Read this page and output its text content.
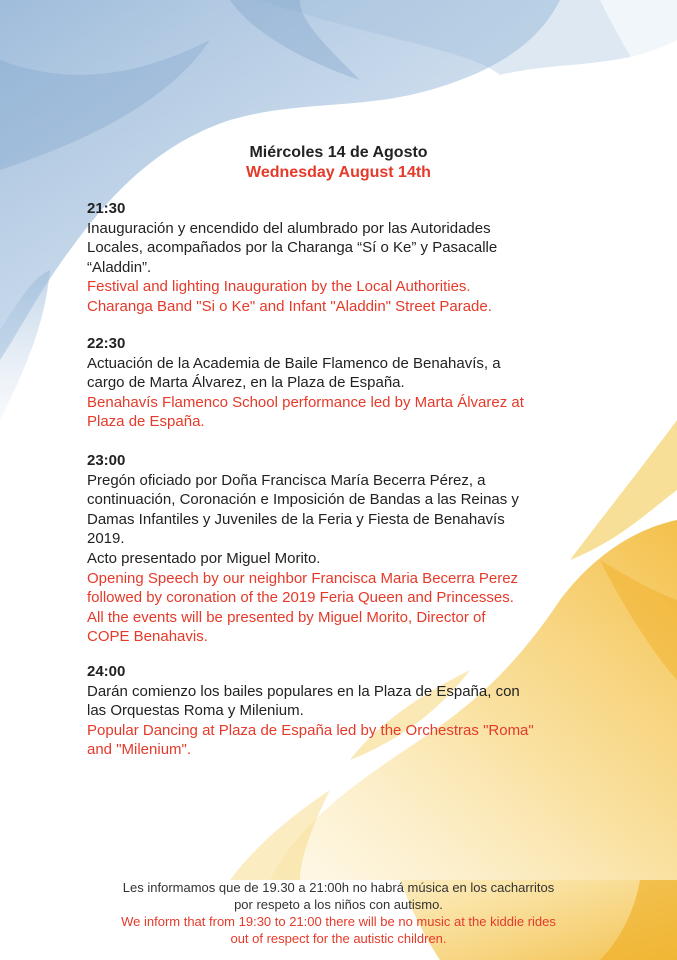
Miércoles 14 de Agosto
Wednesday August 14th

21:30

Inauguración y encendido del alumbrado por las Autoridades

Locales, acompañados por la Charanga “Sí o Ke” y Pasacalle

“Aladdin”.

Festival and lighting Inauguration by the Local Authorities.

Charanga Band "Si o Ke" and Infant "Aladdin" Street Parade.

22:30

Actuación de la Academia de Baile Flamenco de Benahavís, a

cargo de Marta Álvarez, en la Plaza de España.

Benahavís Flamenco School performance led by Marta Álvarez at

Plaza de España.

23:00

Pregón oficiado por Doña Francisca María Becerra Pérez, a

continuación, Coronación e Imposición de Bandas a las Reinas y

Damas Infantiles y Juveniles de la Feria y Fiesta de Benahavís

2019.

Acto presentado por Miguel Morito.

Opening Speech by our neighbor Francisca Maria Becerra Perez

followed by coronation of the 2019 Feria Queen and Princesses.

All the events will be presented by Miguel Morito, Director of

COPE Benahavis.

24:00

Darán comienzo los bailes populares en la Plaza de España, con

las Orquestas Roma y Milenium.

Popular Dancing at Plaza de España led by the Orchestras "Roma"

and "Milenium".

Les informamos que de 19.30 a 21:00h no habrá música en los cacharritos

por respeto a los niños con autismo.

We inform that from 19:30 to 21:00 there will be no music at the kiddie rides

out of respect for the autistic children.
